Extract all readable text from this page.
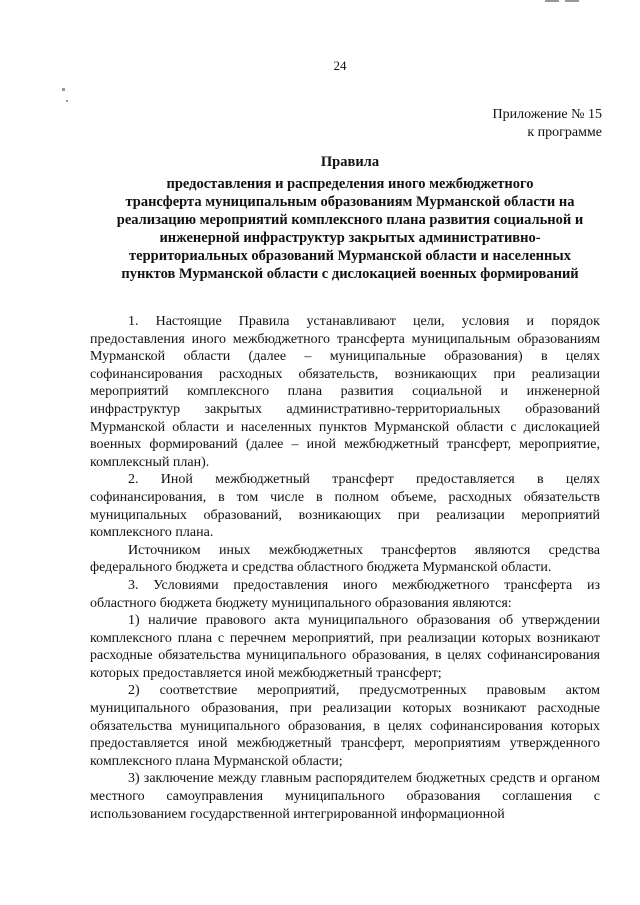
24
Приложение № 15
к программе
Правила
предоставления и распределения иного межбюджетного
трансферта муниципальным образованиям Мурманской области на
реализацию мероприятий комплексного плана развития социальной и
инженерной инфраструктур закрытых административно-
территориальных образований Мурманской области и населенных
пунктов Мурманской области с дислокацией военных формирований

1. Настоящие Правила устанавливают цели, условия и порядок предоставления иного межбюджетного трансферта муниципальным образованиям Мурманской области (далее – муниципальные образования) в целях софинансирования расходных обязательств, возникающих при реализации мероприятий комплексного плана развития социальной и инженерной инфраструктур закрытых административно-территориальных образований Мурманской области и населенных пунктов Мурманской области с дислокацией военных формирований (далее – иной межбюджетный трансферт, мероприятие, комплексный план).

2. Иной межбюджетный трансферт предоставляется в целях софинансирования, в том числе в полном объеме, расходных обязательств муниципальных образований, возникающих при реализации мероприятий комплексного плана.

Источником иных межбюджетных трансфертов являются средства федерального бюджета и средства областного бюджета Мурманской области.

3. Условиями предоставления иного межбюджетного трансферта из областного бюджета бюджету муниципального образования являются:

1) наличие правового акта муниципального образования об утверждении комплексного плана с перечнем мероприятий, при реализации которых возникают расходные обязательства муниципального образования, в целях софинансирования которых предоставляется иной межбюджетный трансферт;

2) соответствие мероприятий, предусмотренных правовым актом муниципального образования, при реализации которых возникают расходные обязательства муниципального образования, в целях софинансирования которых предоставляется иной межбюджетный трансферт, мероприятиям утвержденного комплексного плана Мурманской области;

3) заключение между главным распорядителем бюджетных средств и органом местного самоуправления муниципального образования соглашения с использованием государственной интегрированной информационной
